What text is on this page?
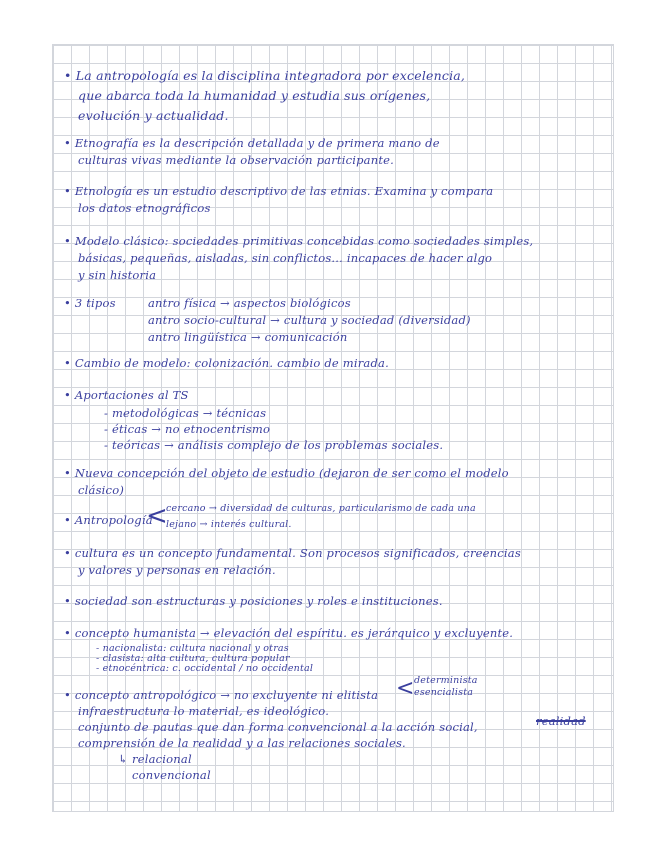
• La antropología es la disciplina integradora por excelencia,
que abarca toda la humanidad y estudia sus orígenes,
evolución y actualidad.
• Etnografía es la descripción detallada y de primera mano de
culturas vivas mediante la observación participante.
• Etnología es un estudio descriptivo de las etnias. Examina y compara
los datos etnográficos
• Modelo clásico: sociedades primitivas concebidas como sociedades simples,
básicas, pequeñas, aisladas, sin conflictos... incapaces de hacer algo
y sin historia
• 3 tipos	antro física → aspectos biológicos
antro socio-cultural → cultura y sociedad (diversidad)
antro lingüística → comunicación
• Cambio de modelo: colonización. cambio de mirada.
• Aportaciones al TS
- metodológicas → técnicas
- éticas → no etnocentrismo
- teóricas → análisis complejo de los problemas sociales.
• Nueva concepción del objeto de estudio (dejaron de ser como el modelo
clásico)
• Antropología
<
cercano → diversidad de culturas, particularismo de cada una
lejano → interés cultural.
• cultura es un concepto fundamental. Son procesos significados, creencias
y valores y personas en relación.
• sociedad son estructuras y posiciones y roles e instituciones.
• concepto humanista → elevación del espíritu. es jerárquico y excluyente.
- nacionalista: cultura nacional y otras
- clasista: alta cultura, cultura popular
- etnocéntrica: c. occidental / no occidental
• concepto antropológico → no excluyente ni elitista < determinista
esencialista
infraestructura lo material, es ideológico.
conjunto de pautas que dan forma convencional a la acción social,	realidad
comprensión de la realidad y a las relaciones sociales.
↳ relacional
convencional
